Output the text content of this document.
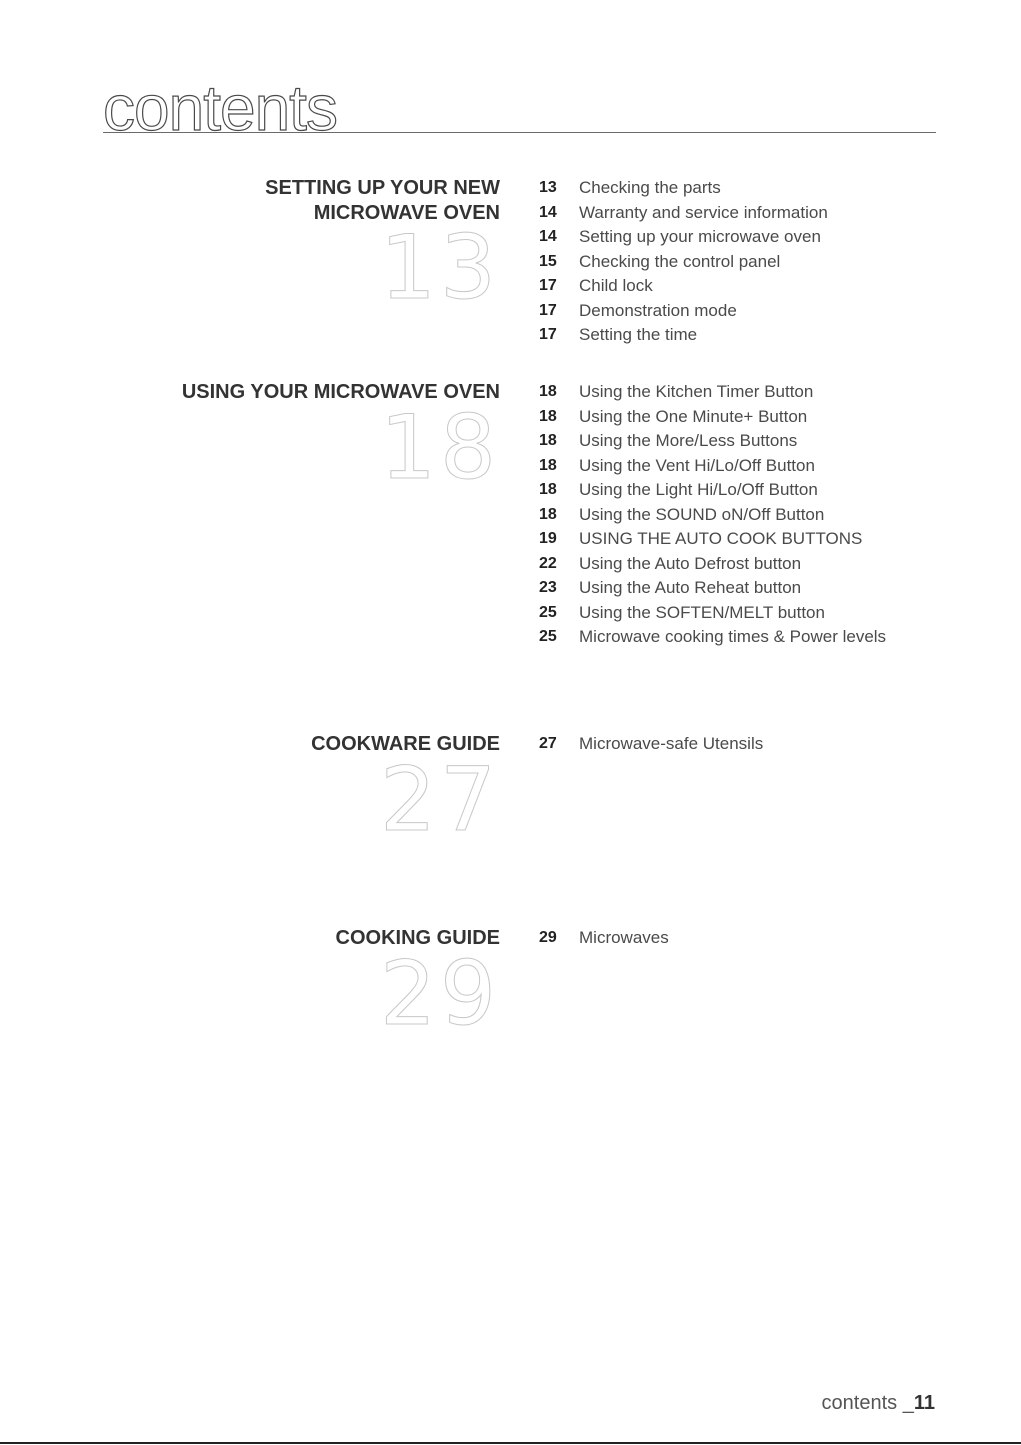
contents
SETTING UP YOUR NEW
MICROWAVE OVEN
13
13	Checking the parts
14	Warranty and service information
14	Setting up your microwave oven
15	Checking the control panel
17	Child lock
17	Demonstration mode
17	Setting the time
USING YOUR MICROWAVE OVEN
18
18	Using the Kitchen Timer Button
18	Using the One Minute+ Button
18	Using the More/Less Buttons
18	Using the Vent Hi/Lo/Off Button
18	Using the Light Hi/Lo/Off Button
18	Using the SOUND oN/Off Button
19	USING THE AUTO COOK BUTTONS
22	Using the Auto Defrost button
23	Using the Auto Reheat button
25	Using the SOFTEN/MELT button
25	Microwave cooking times & Power levels
COOKWARE GUIDE
27
27	Microwave-safe Utensils
COOKING GUIDE
29
29	Microwaves
contents _11
